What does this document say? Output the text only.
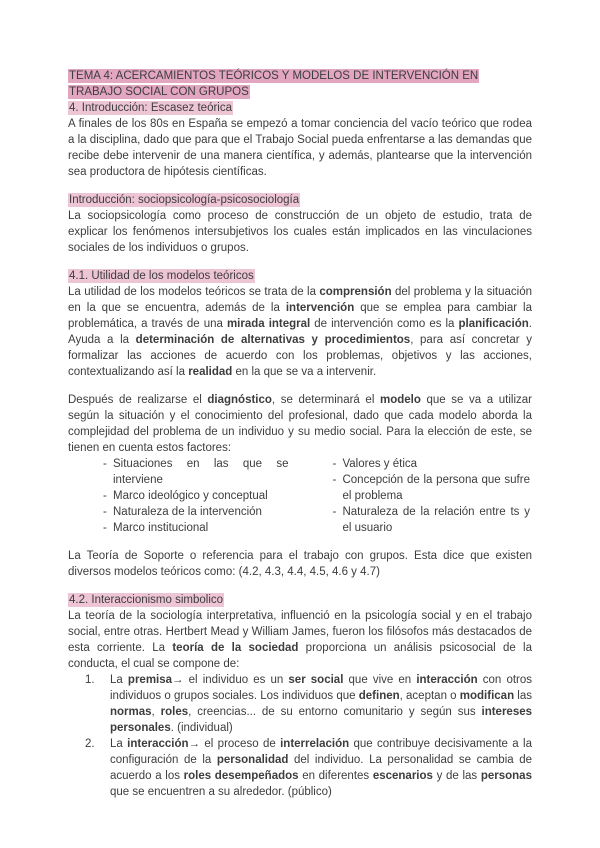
TEMA 4: ACERCAMIENTOS TEÓRICOS Y MODELOS DE INTERVENCIÓN EN TRABAJO SOCIAL CON GRUPOS
4. Introducción: Escasez teórica

A finales de los 80s en España se empezó a tomar conciencia del vacío teórico que rodea a la disciplina, dado que para que el Trabajo Social pueda enfrentarse a las demandas que recibe debe intervenir de una manera científica, y además, plantearse que la intervención sea productora de hipótesis científicas.

Introducción: sociopsicología-psicosociología

La sociopsicología como proceso de construcción de un objeto de estudio, trata de explicar los fenómenos intersubjetivos los cuales están implicados en las vinculaciones sociales de los individuos o grupos.

4.1. Utilidad de los modelos teóricos

La utilidad de los modelos teóricos se trata de la comprensión del problema y la situación en la que se encuentra, además de la intervención que se emplea para cambiar la problemática, a través de una mirada integral de intervención como es la planificación. Ayuda a la determinación de alternativas y procedimientos, para así concretar y formalizar las acciones de acuerdo con los problemas, objetivos y las acciones, contextualizando así la realidad en la que se va a intervenir.

Después de realizarse el diagnóstico, se determinará el modelo que se va a utilizar según la situación y el conocimiento del profesional, dado que cada modelo aborda la complejidad del problema de un individuo y su medio social. Para la elección de este, se tienen en cuenta estos factores:

- Situaciones en las que se interviene
- Marco ideológico y conceptual
- Naturaleza de la intervención
- Marco institucional
- Valores y ética
- Concepción de la persona que sufre el problema
- Naturaleza de la relación entre ts y el usuario

La Teoría de Soporte o referencia para el trabajo con grupos. Esta dice que existen diversos modelos teóricos como: (4.2, 4.3, 4.4, 4.5, 4.6 y 4.7)

4.2. Interaccionismo simbolico

La teoría de la sociología interpretativa, influenció en la psicología social y en el trabajo social, entre otras. Hertbert Mead y William James, fueron los filósofos más destacados de esta corriente. La teoría de la sociedad proporciona un análisis psicosocial de la conducta, el cual se compone de:

1.	La premisa→ el individuo es un ser social que vive en interacción con otros individuos o grupos sociales. Los individuos que definen, aceptan o modifican las normas, roles, creencias... de su entorno comunitario y según sus intereses personales. (individual)
2.	La interacción→ el proceso de interrelación que contribuye decisivamente a la configuración de la personalidad del individuo. La personalidad se cambia de acuerdo a los roles desempeñados en diferentes escenarios y de las personas que se encuentren a su alrededor. (público)
